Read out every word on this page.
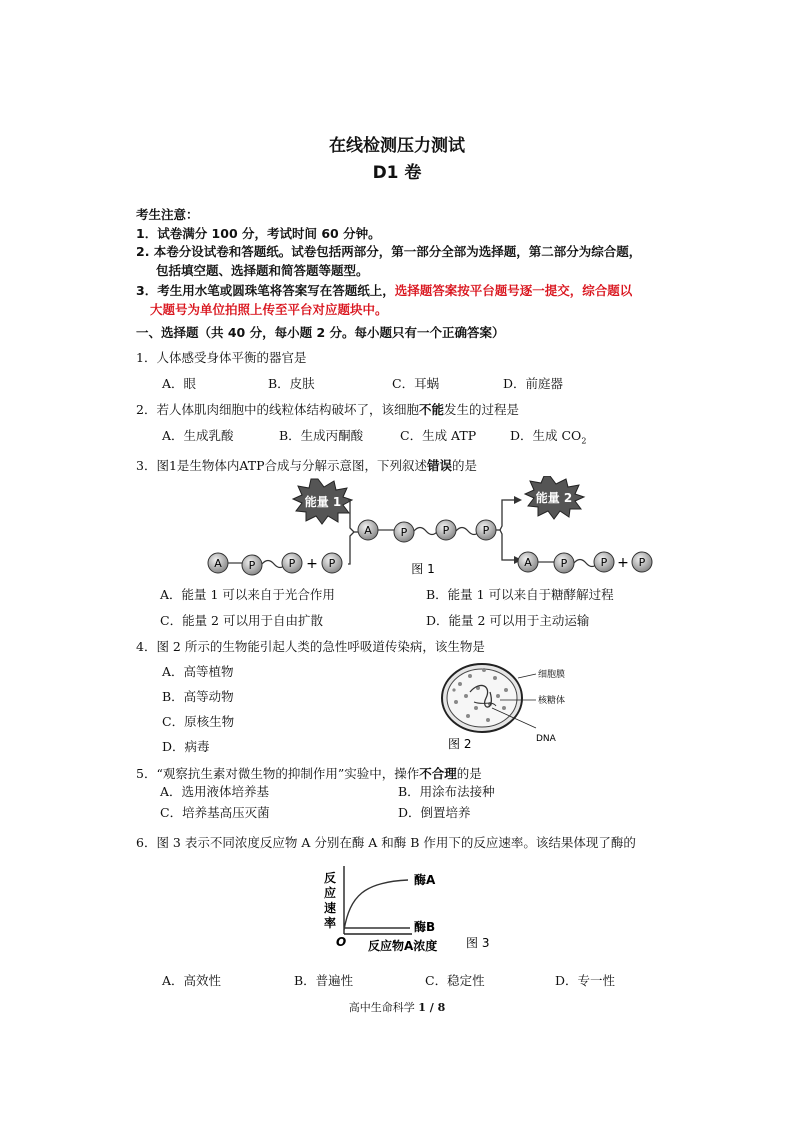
在线检测压力测试
D1 卷
考生注意：
1．试卷满分 100 分，考试时间 60 分钟。
2. 本卷分设试卷和答题纸。试卷包括两部分，第一部分全部为选择题，第二部分为综合题，
包括填空题、选择题和简答题等题型。
3．考生用水笔或圆珠笔将答案写在答题纸上，选择题答案按平台题号逐一提交，综合题以
大题号为单位拍照上传至平台对应题块中。
一、选择题（共 40 分，每小题 2 分。每小题只有一个正确答案）
1．人体感受身体平衡的器官是
A．眼	B．皮肤	C．耳蜗	D．前庭器
2．若人体肌肉细胞中的线粒体结构破坏了，该细胞不能发生的过程是
A．生成乳酸	B．生成丙酮酸	C．生成 ATP	D．生成 $CO_2$
3．图1是生物体内ATP合成与分解示意图，下列叙述错误的是
能量 1
A P	P + P
A	P	P	P
能量 2
A	P	P + P
图 1
A．能量 1 可以来自于光合作用	B．能量 1 可以来自于糖酵解过程
C．能量 2 可以用于自由扩散	D．能量 2 可以用于主动运输
4．图 2 所示的生物能引起人类的急性呼吸道传染病，该生物是
A．高等植物
B．高等动物
C．原核生物
D．病毒
细胞膜
核糖体
DNA
图 2
5．“观察抗生素对微生物的抑制作用”实验中，操作不合理的是
A．选用液体培养基	B．用涂布法接种
C．培养基高压灭菌	D．倒置培养
6．图 3 表示不同浓度反应物 A 分别在酶 A 和酶 B 作用下的反应速率。该结果体现了酶的
反
应
速
率
O
酶A
酶B
反应物A浓度 图 3
A．高效性	B．普遍性	C．稳定性	D．专一性
高中生命科学 1 / 8
